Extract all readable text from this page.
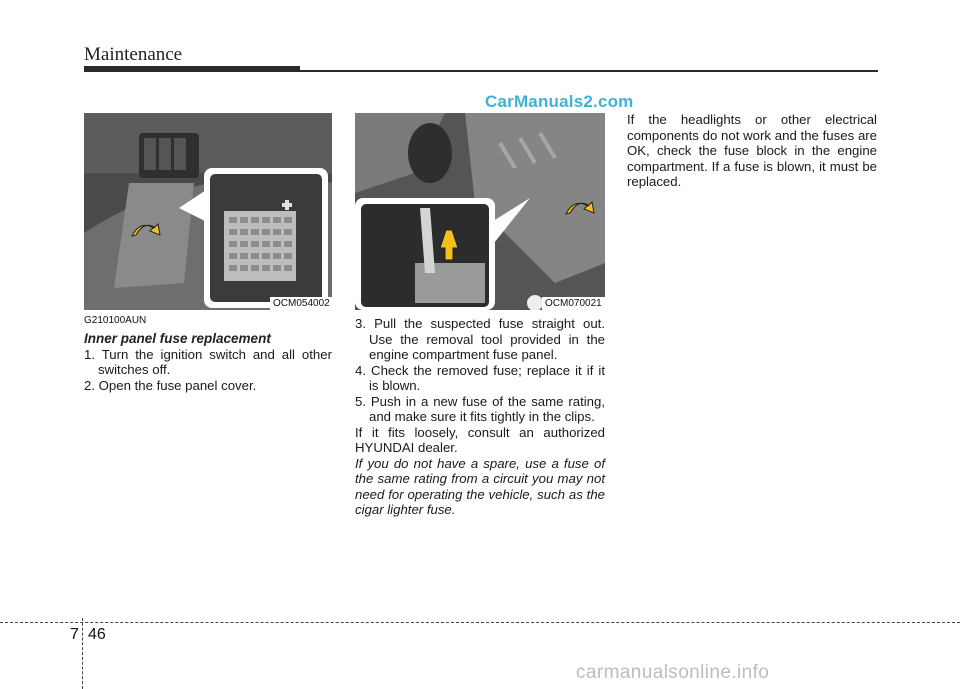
Maintenance
CarManuals2.com
OCM054002	OCM070021
G210100AUN

Inner panel fuse replacement

1. Turn the ignition switch and all other switches off.

2. Open the fuse panel cover.

3. Pull the suspected fuse straight out. Use the removal tool provided in the engine compartment fuse panel.

4. Check the removed fuse; replace it if it is blown.

5. Push in a new fuse of the same rating, and make sure it fits tightly in the clips.

If it fits loosely, consult an authorized HYUNDAI dealer.

If you do not have a spare, use a fuse of the same rating from a circuit you may not need for operating the vehicle, such as the cigar lighter fuse.

If the headlights or other electrical components do not work and the fuses are OK, check the fuse block in the engine compartment. If a fuse is blown, it must be replaced.

7 46
carmanualsonline.info
